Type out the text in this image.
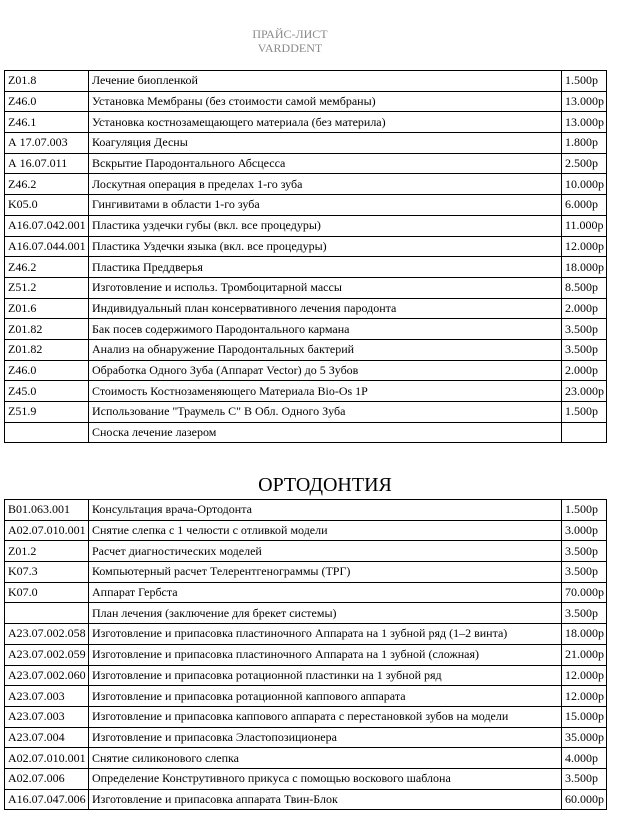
ПРАЙС-ЛИСТ
VARDDENT
Z01.8	Лечение биопленкой	1.500р
Z46.0	Установка Мембраны (без стоимости самой мембраны)	13.000р
Z46.1	Установка костнозамещающего материала (без материла)	13.000р
А 17.07.003	Коагуляция Десны	1.800р
А 16.07.011	Вскрытие Пародонтального Абсцесса	2.500р
Z46.2	Лоскутная операция в пределах 1-го зуба	10.000р
K05.0	Гингивитами в области 1-го зуба	6.000р
A16.07.042.001	Пластика уздечки губы (вкл. все процедуры)	11.000р
A16.07.044.001	Пластика Уздечки языка (вкл. все процедуры)	12.000р
Z46.2	Пластика Преддверья	18.000р
Z51.2	Изготовление и использ. Тромбоцитарной массы	8.500р
Z01.6	Индивидуальный план консервативного лечения пародонта	2.000р
Z01.82	Бак посев содержимого Пародонтального кармана	3.500р
Z01.82	Анализ на обнаружение Пародонтальных бактерий	3.500р
Z46.0	Обработка Одного Зуба (Аппарат Vector) до 5 Зубов	2.000р
Z45.0	Стоимость Костнозаменяющего Материала Bio-Os 1P	23.000р
Z51.9	Использование "Траумель С" В Обл. Одного Зуба	1.500р
	Сноска лечение лазером	
ОРТОДОНТИЯ
B01.063.001	Консультация врача-Ортодонта	1.500р
A02.07.010.001	Снятие слепка с 1 челюсти с отливкой модели	3.000р
Z01.2	Расчет диагностических моделей	3.500р
K07.3	Компьютерный расчет Телерентгенограммы (ТРГ)	3.500р
K07.0	Аппарат Гербста	70.000р
	План лечения (заключение для брекет системы)	3.500р
A23.07.002.058	Изготовление и припасовка пластиночного Аппарата на 1 зубной ряд (1–2 винта)	18.000р
A23.07.002.059	Изготовление и припасовка пластиночного Аппарата на 1 зубной (сложная)	21.000р
A23.07.002.060	Изготовление и припасовка ротационной пластинки на 1 зубной ряд	12.000р
A23.07.003	Изготовление и припасовка ротационной каппового аппарата	12.000р
A23.07.003	Изготовление и припасовка каппового аппарата с перестановкой зубов на модели	15.000р
A23.07.004	Изготовление и припасовка Эластопозиционера	35.000р
A02.07.010.001	Снятие силиконового слепка	4.000р
A02.07.006	Определение Конструтивного прикуса с помощью воскового шаблона	3.500р
A16.07.047.006	Изготовление и припасовка аппарата Твин-Блок	60.000р
